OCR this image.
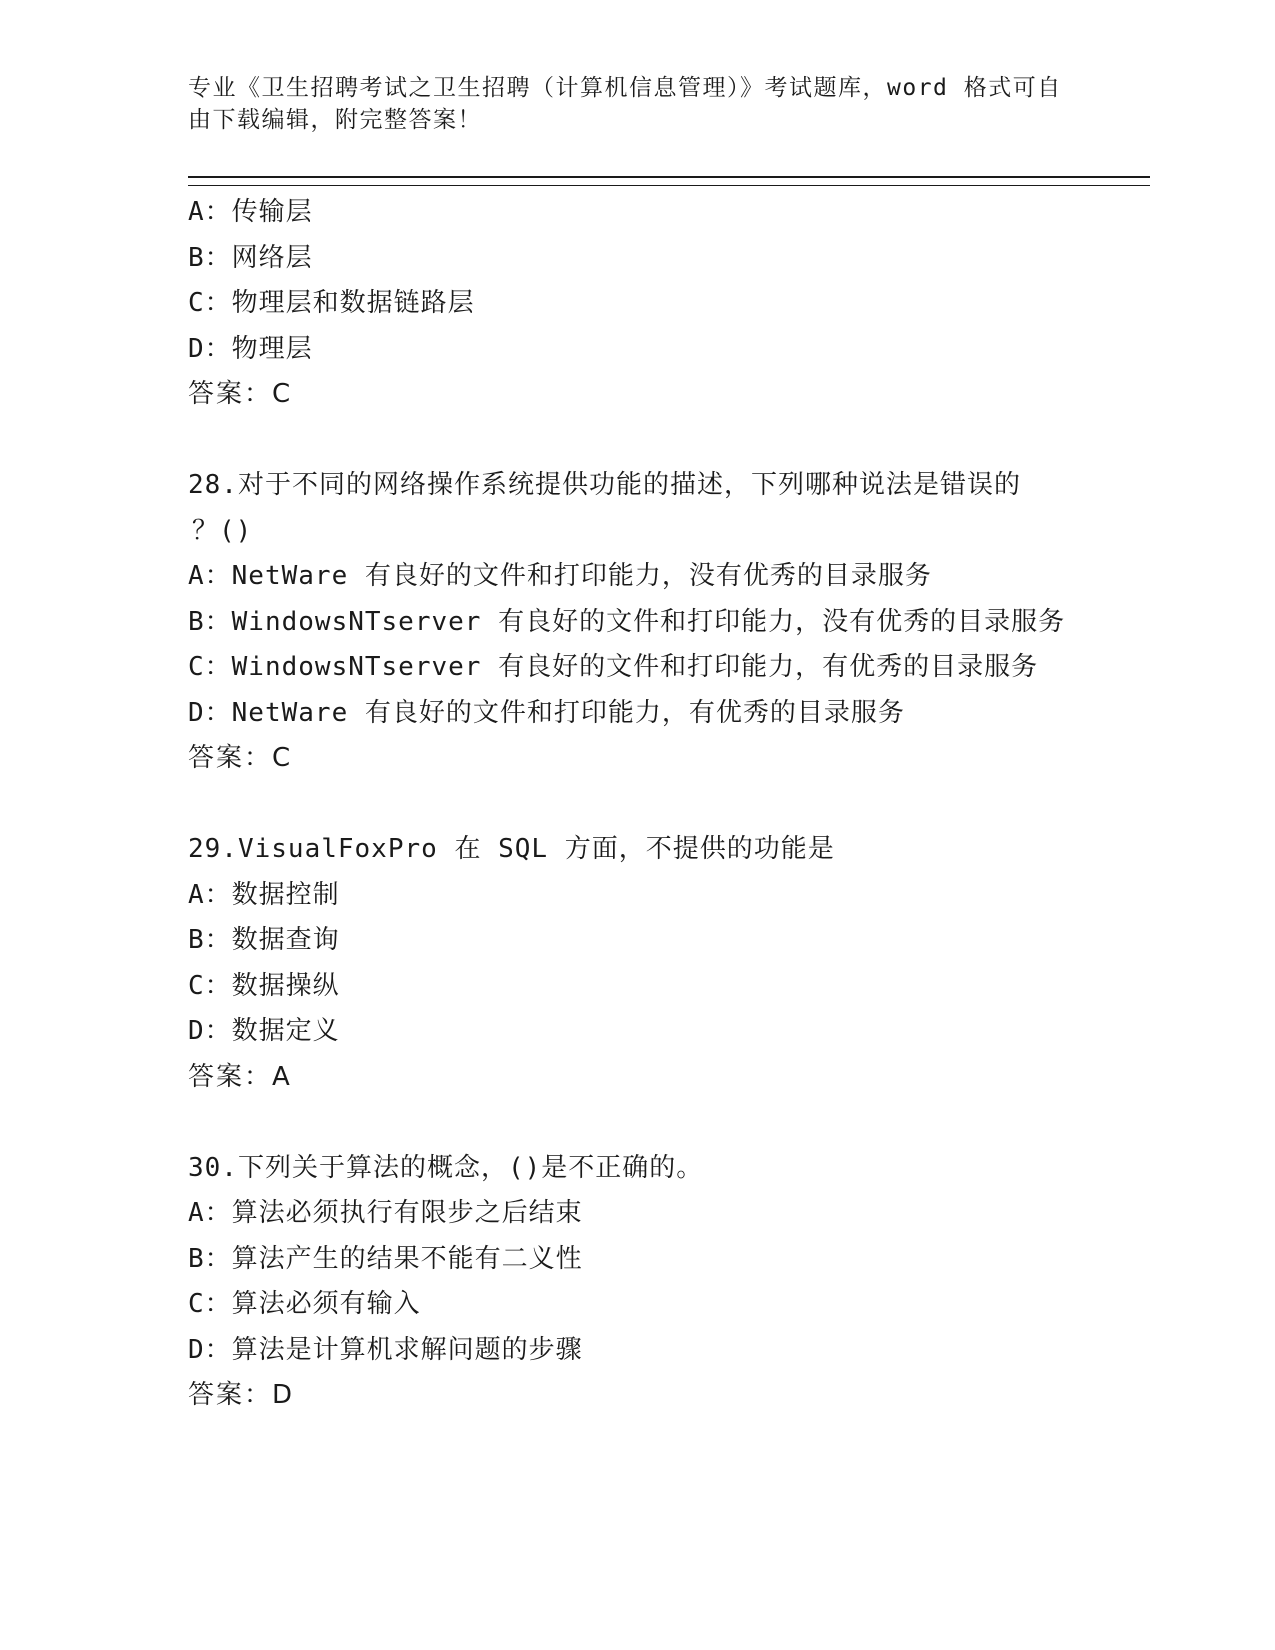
专业《卫生招聘考试之卫生招聘（计算机信息管理）》考试题库，word 格式可自
由下载编辑，附完整答案！
A：传输层
B：网络层
C：物理层和数据链路层
D：物理层
答案：C
28.对于不同的网络操作系统提供功能的描述，下列哪种说法是错误的
？()
A：NetWare 有良好的文件和打印能力，没有优秀的目录服务
B：WindowsNTserver 有良好的文件和打印能力，没有优秀的目录服务
C：WindowsNTserver 有良好的文件和打印能力，有优秀的目录服务
D：NetWare 有良好的文件和打印能力，有优秀的目录服务
答案：C
29.VisualFoxPro 在 SQL 方面，不提供的功能是
A：数据控制
B：数据查询
C：数据操纵
D：数据定义
答案：A
30.下列关于算法的概念，()是不正确的。
A：算法必须执行有限步之后结束
B：算法产生的结果不能有二义性
C：算法必须有输入
D：算法是计算机求解问题的步骤
答案：D
